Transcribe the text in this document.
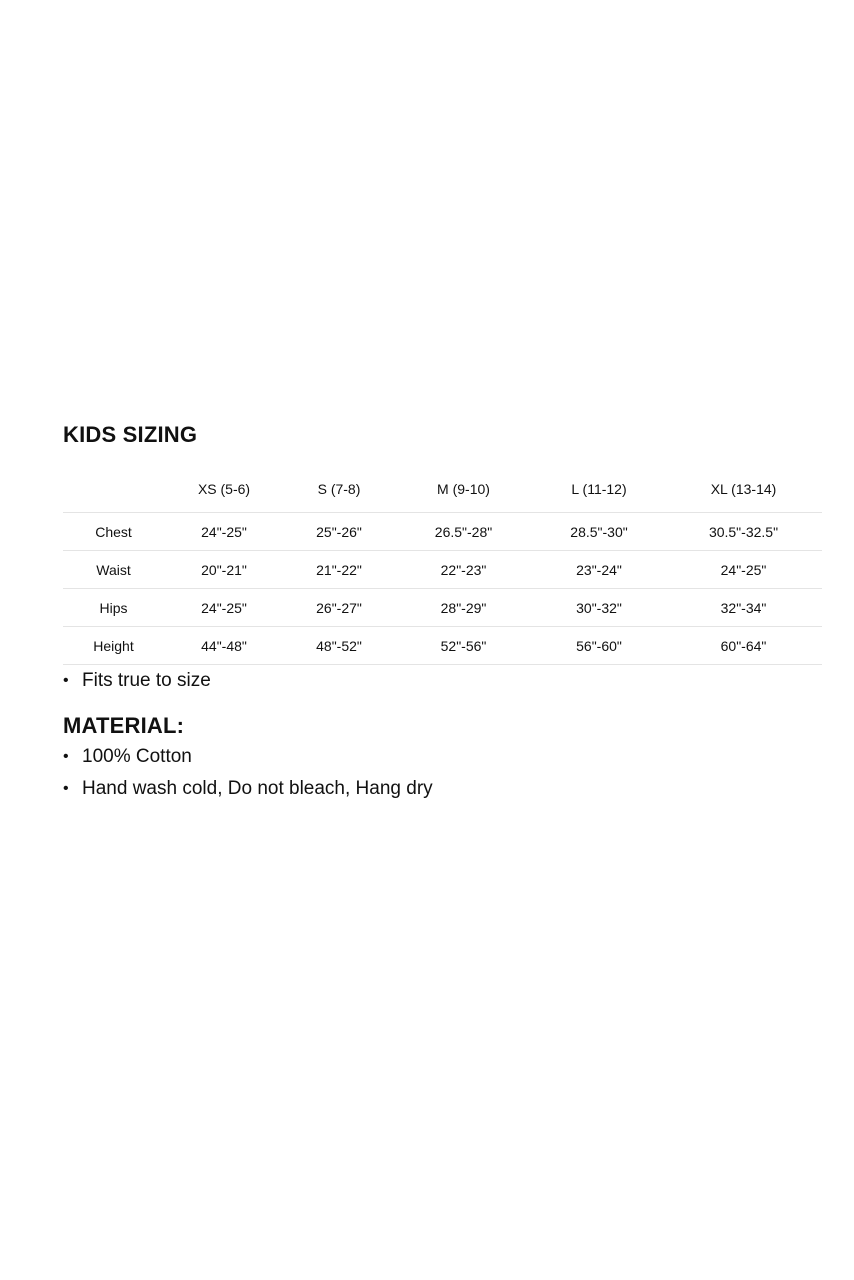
KIDS SIZING
	XS (5-6)	S (7-8)	M (9-10)	L (11-12)	XL (13-14)
Chest	24"-25"	25"-26"	26.5"-28"	28.5"-30"	30.5"-32.5"
Waist	20"-21"	21"-22"	22"-23"	23"-24"	24"-25"
Hips	24"-25"	26"-27"	28"-29"	30"-32"	32"-34"
Height	44"-48"	48"-52"	52"-56"	56"-60"	60"-64"
• Fits true to size
MATERIAL:
• 100% Cotton
• Hand wash cold, Do not bleach, Hang dry
